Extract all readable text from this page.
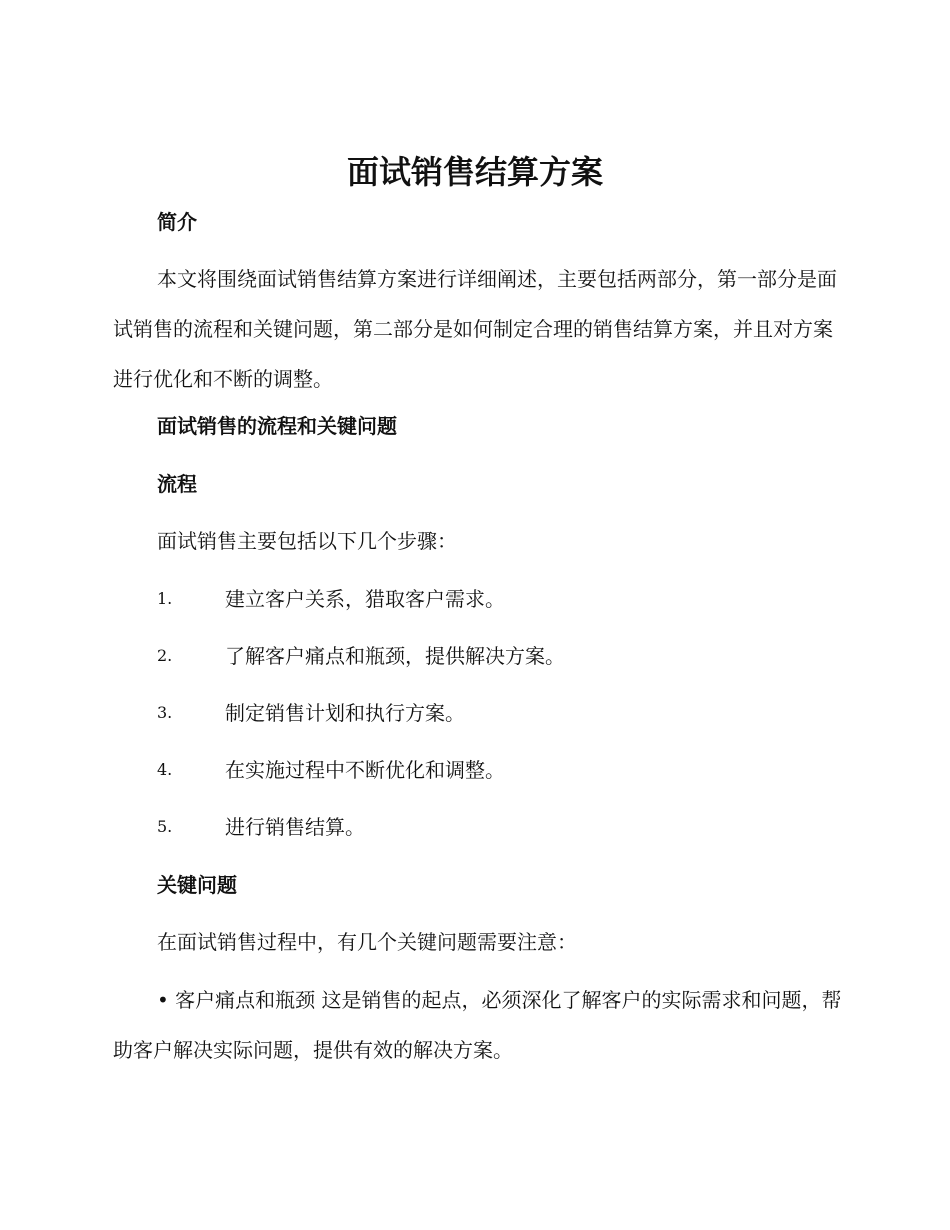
面试销售结算方案
简介

本文将围绕面试销售结算方案进行详细阐述，主要包括两部分，第一部分是面试销售的流程和关键问题，第二部分是如何制定合理的销售结算方案，并且对方案进行优化和不断的调整。

面试销售的流程和关键问题
流程

面试销售主要包括以下几个步骤：

1.	建立客户关系，猎取客户需求。
2.	了解客户痛点和瓶颈，提供解决方案。
3.	制定销售计划和执行方案。
4.	在实施过程中不断优化和调整。
5.	进行销售结算。
关键问题

在面试销售过程中，有几个关键问题需要注意：

• 客户痛点和瓶颈 这是销售的起点，必须深化了解客户的实际需求和问题，帮助客户解决实际问题，提供有效的解决方案。
